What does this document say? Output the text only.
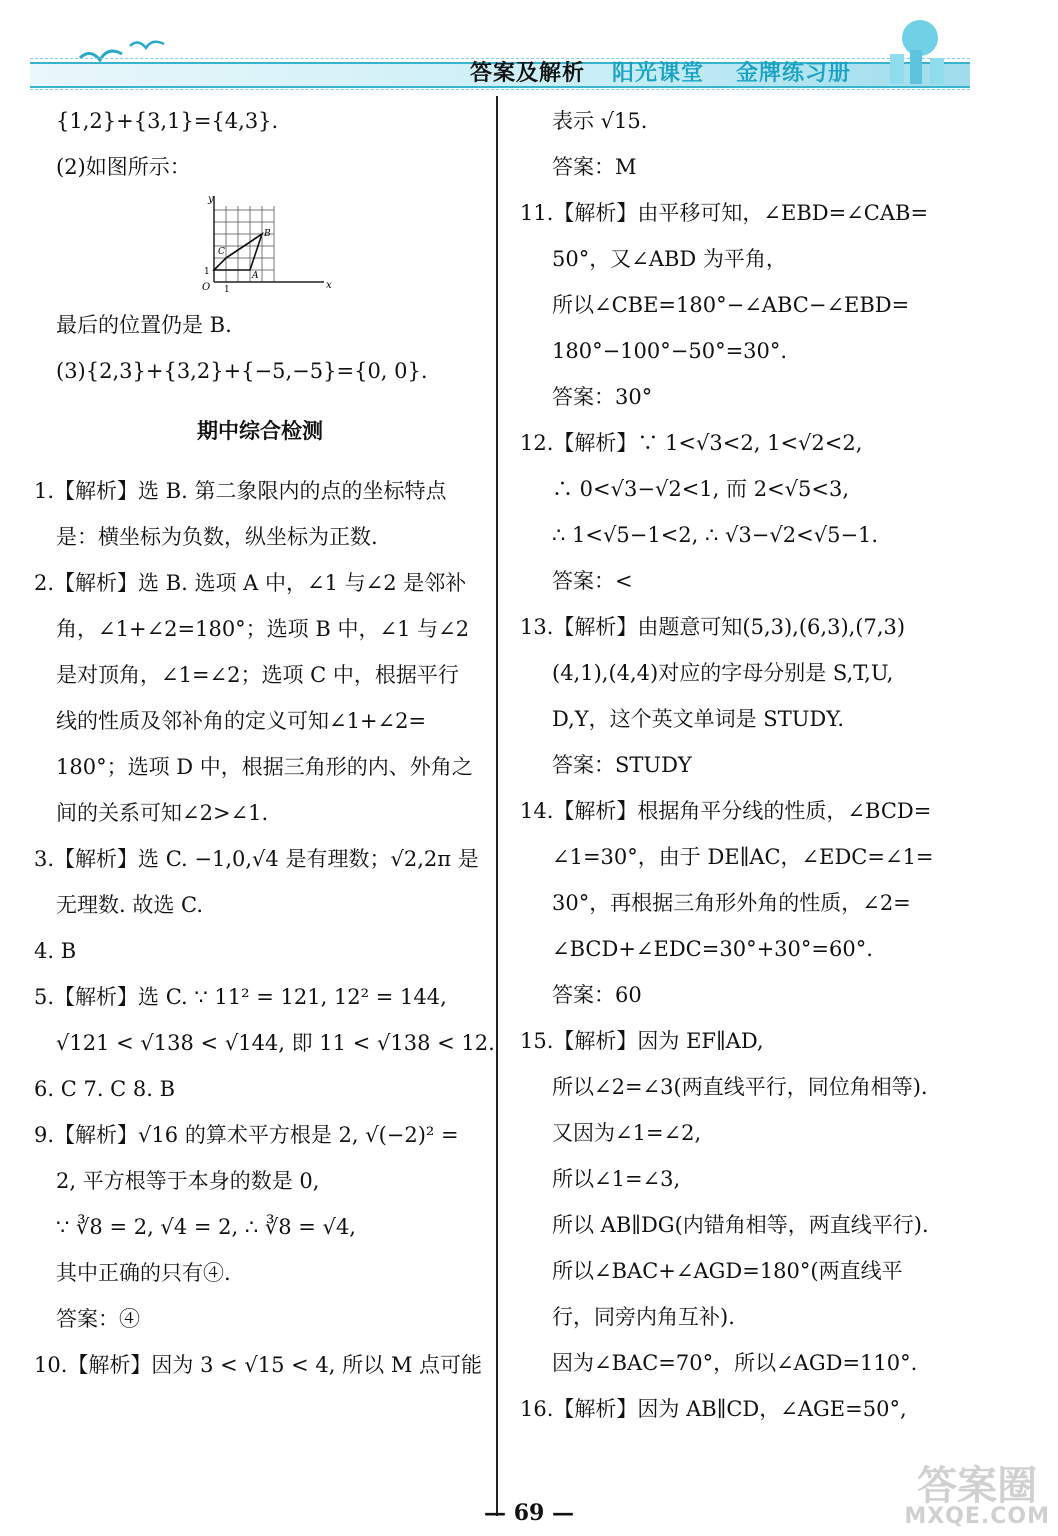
答案及解析 阳光课堂 金牌练习册
{1,2}+{3,1}={4,3}.
(2)如图所示：
y
x
O 1
1	A
B
C
最后的位置仍是 B.
(3){2,3}+{3,2}+{−5,−5}={0, 0}.
期中综合检测
1.【解析】选 B. 第二象限内的点的坐标特点
是：横坐标为负数，纵坐标为正数.
2.【解析】选 B. 选项 A 中，∠1 与∠2 是邻补
角，∠1+∠2=180°；选项 B 中，∠1 与∠2
是对顶角，∠1=∠2；选项 C 中，根据平行
线的性质及邻补角的定义可知∠1+∠2=
180°；选项 D 中，根据三角形的内、外角之
间的关系可知∠2>∠1.
3.【解析】选 C. −1,0,√4 是有理数；√2,2π 是
无理数. 故选 C.
4. B
5.【解析】选 C. ∵ 11² = 121, 12² = 144,
√121 < √138 < √144, 即 11 < √138 < 12.
6. C 7. C 8. B
9.【解析】√16 的算术平方根是 2, √(−2)² =
2, 平方根等于本身的数是 0,
∵ ∛8 = 2, √4 = 2, ∴ ∛8 = √4,
其中正确的只有④.
答案：④
10.【解析】因为 3 < √15 < 4, 所以 M 点可能
表示 √15.
答案：M
11.【解析】由平移可知，∠EBD=∠CAB=
50°，又∠ABD 为平角，
所以∠CBE=180°−∠ABC−∠EBD=
180°−100°−50°=30°.
答案：30°
12.【解析】∵ 1<√3<2, 1<√2<2,
∴ 0<√3−√2<1, 而 2<√5<3,
∴ 1<√5−1<2, ∴ √3−√2<√5−1.
答案：<
13.【解析】由题意可知(5,3),(6,3),(7,3)
(4,1),(4,4)对应的字母分别是 S,T,U,
D,Y，这个英文单词是 STUDY.
答案：STUDY
14.【解析】根据角平分线的性质，∠BCD=
∠1=30°，由于 DE∥AC，∠EDC=∠1=
30°，再根据三角形外角的性质，∠2=
∠BCD+∠EDC=30°+30°=60°.
答案：60
15.【解析】因为 EF∥AD,
所以∠2=∠3(两直线平行，同位角相等).
又因为∠1=∠2,
所以∠1=∠3,
所以 AB∥DG(内错角相等，两直线平行).
所以∠BAC+∠AGD=180°(两直线平
行，同旁内角互补).
因为∠BAC=70°，所以∠AGD=110°.
16.【解析】因为 AB∥CD，∠AGE=50°,
— 69 —
答案圈
MXQE.COM
